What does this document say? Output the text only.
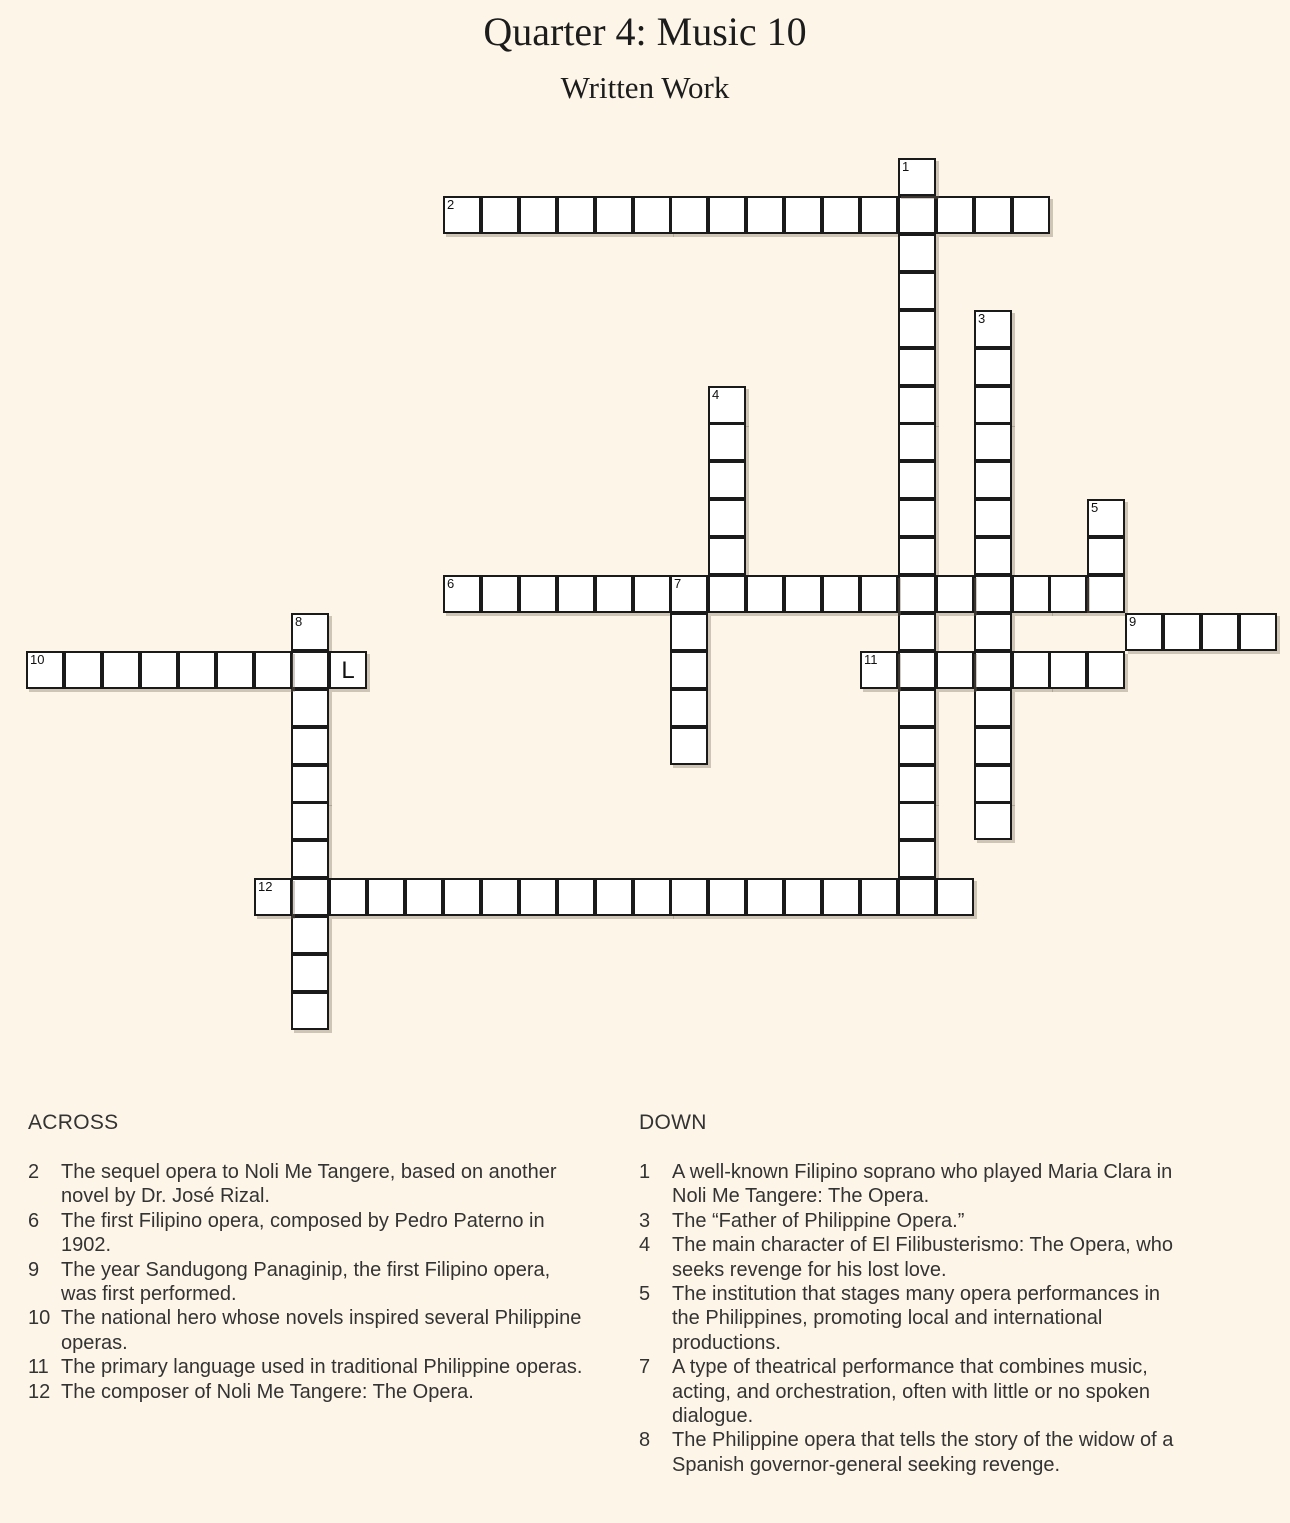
Quarter 4: Music 10
Written Work
2
1
3
4
5
6	7
8	9
10	L	11
12
ACROSS
2 The sequel opera to Noli Me Tangere, based on another novel by Dr. José Rizal.
6 The first Filipino opera, composed by Pedro Paterno in 1902.
9 The year Sandugong Panaginip, the first Filipino opera, was first performed.
10 The national hero whose novels inspired several Philippine operas.
11 The primary language used in traditional Philippine operas.
12 The composer of Noli Me Tangere: The Opera.
DOWN
1 A well-known Filipino soprano who played Maria Clara in Noli Me Tangere: The Opera.
3 The “Father of Philippine Opera.”
4 The main character of El Filibusterismo: The Opera, who seeks revenge for his lost love.
5 The institution that stages many opera performances in the Philippines, promoting local and international productions.
7 A type of theatrical performance that combines music, acting, and orchestration, often with little or no spoken dialogue.
8 The Philippine opera that tells the story of the widow of a Spanish governor-general seeking revenge.
